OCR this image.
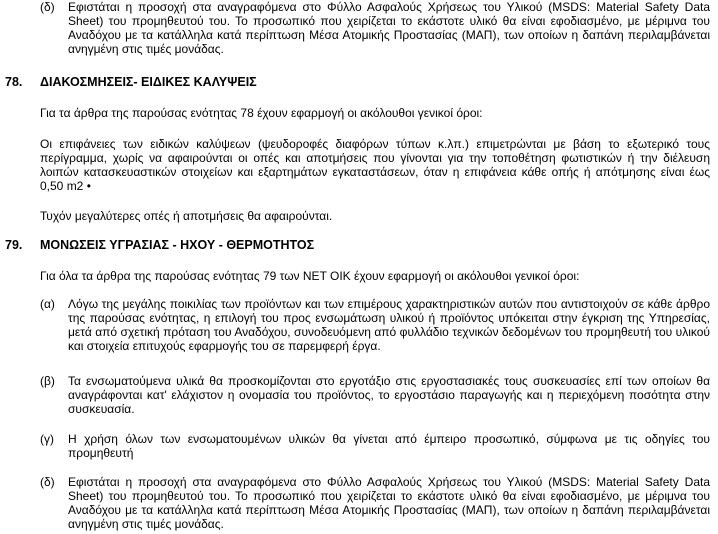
(δ) Εφιστάται η προσοχή στα αναγραφόμενα στο Φύλλο Ασφαλούς Χρήσεως του Υλικού (MSDS: Material Safety Data Sheet) του προμηθευτού του. Το προσωπικό που χειρίζεται το εκάστοτε υλικό θα είναι εφοδιασμένο, με μέριμνα του Αναδόχου με τα κατάλληλα κατά περίπτωση Μέσα Ατομικής Προστασίας (ΜΑΠ), των οποίων η δαπάνη περιλαμβάνεται ανηγμένη στις τιμές μονάδας.
78. ΔΙΑΚΟΣΜΗΣΕΙΣ- ΕΙΔΙΚΕΣ ΚΑΛΥΨΕΙΣ
Για τα άρθρα της παρούσας ενότητας 78 έχουν εφαρμογή οι ακόλουθοι γενικοί όροι:
Οι επιφάνειες των ειδικών καλύψεων (ψευδοροφές διαφόρων τύπων κ.λπ.) επιμετρώνται με βάση το εξωτερικό τους περίγραμμα, χωρίς να αφαιρούνται οι οπές και αποτμήσεις που γίνονται για την τοποθέτηση φωτιστικών ή την διέλευση λοιπών κατασκευαστικών στοιχείων και εξαρτημάτων εγκαταστάσεων, όταν η επιφάνεια κάθε οπής ή απότμησης είναι έως 0,50 m2 •
Τυχόν μεγαλύτερες οπές ή αποτμήσεις θα αφαιρούνται.
79. ΜΟΝΩΣΕΙΣ ΥΓΡΑΣΙΑΣ - ΗΧΟΥ - ΘΕΡΜΟΤΗΤΟΣ
Για όλα τα άρθρα της παρούσας ενότητας 79 των ΝΕΤ ΟΙΚ έχουν εφαρμογή οι ακόλουθοι γενικοί όροι:
(α) Λόγω της μεγάλης ποικιλίας των προϊόντων και των επιμέρους χαρακτηριστικών αυτών που αντιστοιχούν σε κάθε άρθρο της παρούσας ενότητας, η επιλογή του προς ενσωμάτωση υλικού ή προϊόντος υπόκειται στην έγκριση της Υπηρεσίας, μετά από σχετική πρόταση του Αναδόχου, συνοδευόμενη από φυλλάδιο τεχνικών δεδομένων του προμηθευτή του υλικού και στοιχεία επιτυχούς εφαρμογής του σε παρεμφερή έργα.
(β) Τα ενσωματούμενα υλικά θα προσκομίζονται στο εργοτάξιο στις εργοστασιακές τους συσκευασίες επί των οποίων θα αναγράφονται κατ' ελάχιστον η ονομασία του προϊόντος, το εργοστάσιο παραγωγής και η περιεχόμενη ποσότητα στην συσκευασία.
(γ) Η χρήση όλων των ενσωματουμένων υλικών θα γίνεται από έμπειρο προσωπικό, σύμφωνα με τις οδηγίες του προμηθευτή
(δ) Εφιστάται η προσοχή στα αναγραφόμενα στο Φύλλο Ασφαλούς Χρήσεως του Υλικού (MSDS: Material Safety Data Sheet) του προμηθευτού του. Το προσωπικό που χειρίζεται το εκάστοτε υλικό θα είναι εφοδιασμένο, με μέριμνα του Αναδόχου με τα κατάλληλα κατά περίπτωση Μέσα Ατομικής Προστασίας (ΜΑΠ), των οποίων η δαπάνη περιλαμβάνεται ανηγμένη στις τιμές μονάδας.
